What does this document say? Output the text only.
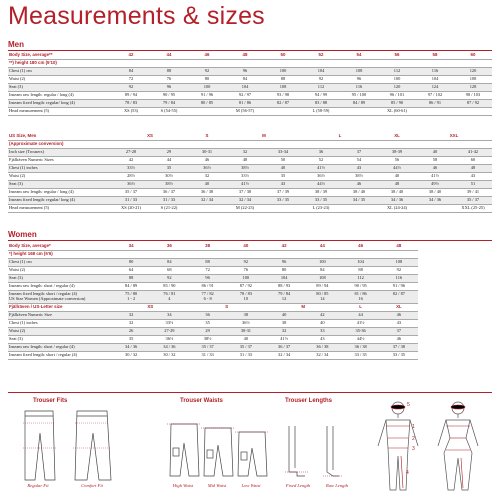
Measurements & sizes
Men
Body Size, average**	42	44	46	48	50	52	54	56	58	60
**) height 180 cm (5'10)										
Chest (1) cm	84	88	92	96	100	104	108	112	116	120
Waist (2)	72	76	80	84	88	92	96	100	104	108
Seat (3)	92	96	100	104	108	112	116	120	124	128
Inseam raw length: regular / long (4)	89 / 94	90 / 95	91 / 96	92 / 97	93 / 98	94 / 99	95 / 100	96 / 101	97 / 102	98 / 103
Inseam fixed length: regular/ long (4)	78 / 83	79 / 84	80 / 85	81 / 86	82 / 87	83 / 88	84 / 89	85 / 90	86 / 91	87 / 92
Head measurement (5)	XS (53)	S (54-55)		M (56-57)		L (58-59)		XL (60-61)		
US Size, Men	XS		S	M		L		XL	XXL	
(Approximate conversion)										
Inch size (Trousers)	27-28	29	30-31	32	33-34	36	37	38-39	40	41-42
Fjällräven Numeric Sizes	42	44	46	48	50	52	54	56	58	60
Chest (1) inches	33½	35	36½	38½	40	41½	43	44½	46	48
Waist (2)	28½	30½	32	33½	35	36½	38½	40	41½	43
Seat (3)	36½	38½	40	41½	43	44½	46	48	49½	51
Inseam raw length: regular / long (4)	35 / 37	36 / 37	36 / 38	37 / 38	37 / 39	38 / 39	38 / 40	38 / 40	38 / 40	39 / 41
Inseam fixed length: regular/ long (4)	31 / 33	31 / 33	32 / 34	32 / 34	33 / 35	33 / 35	34 / 35	34 / 36	34 / 36	35 / 37
Head measurement (5)	XS (20-21)	S (21-22)		M (22-23)		L (23-23)		XL (24-24)		XXL (25-25)
Women
Body Size, average*	34	36	38	40	42	44	46	48
*) height 168 cm (5'6)								
Chest (1) cm	80	84	88	92	96	100	104	108
Waist (2)	64	68	72	76	80	84	88	92
Seat (3)	88	92	96	100	104	108	112	116
Inseam raw length: short / regular (4)	84 / 89	85 / 90	86 / 91	87 / 92	88 / 93	89 / 94	90 / 95	91 / 96
Inseam fixed length: short / regular (4)	75 / 80	76 / 81	77 / 82	78 / 83	79 / 84	80 / 85	81 / 86	82 / 87
US Size Women (Approximate conversion)	1 - 2	4	6 - 8	10	12	14	16	
Fjällräven / US-Letter size	XS		S		M		L	XL
Fjällräven Numeric Size	32	34	36	38	40	42	44	46
Chest (1) inches	32	33½	35	36½	38	40	41½	43
Waist (2)	26	27-29	29	30-31	32	33	35-36	37
Seat (3)	35	36½	38½	40	41½	43	44½	46
Inseam raw length: short / regular (4)	34 / 36	34 / 36	35 / 37	35 / 37	36 / 37	36 / 38	36 / 38	37 / 38
Inseam fixed length: short / regular (4)	30 / 32	30 / 32	31 / 33	31 / 33	32 / 34	32 / 34	33 / 35	33 / 35
Trouser Fits	Trouser Waists	Trouser Lengths
Regular Fit	Comfort Fit	High Waist	Mid Waist	Low Waist	Fixed Length	Raw Length
1
2
3
4
5
